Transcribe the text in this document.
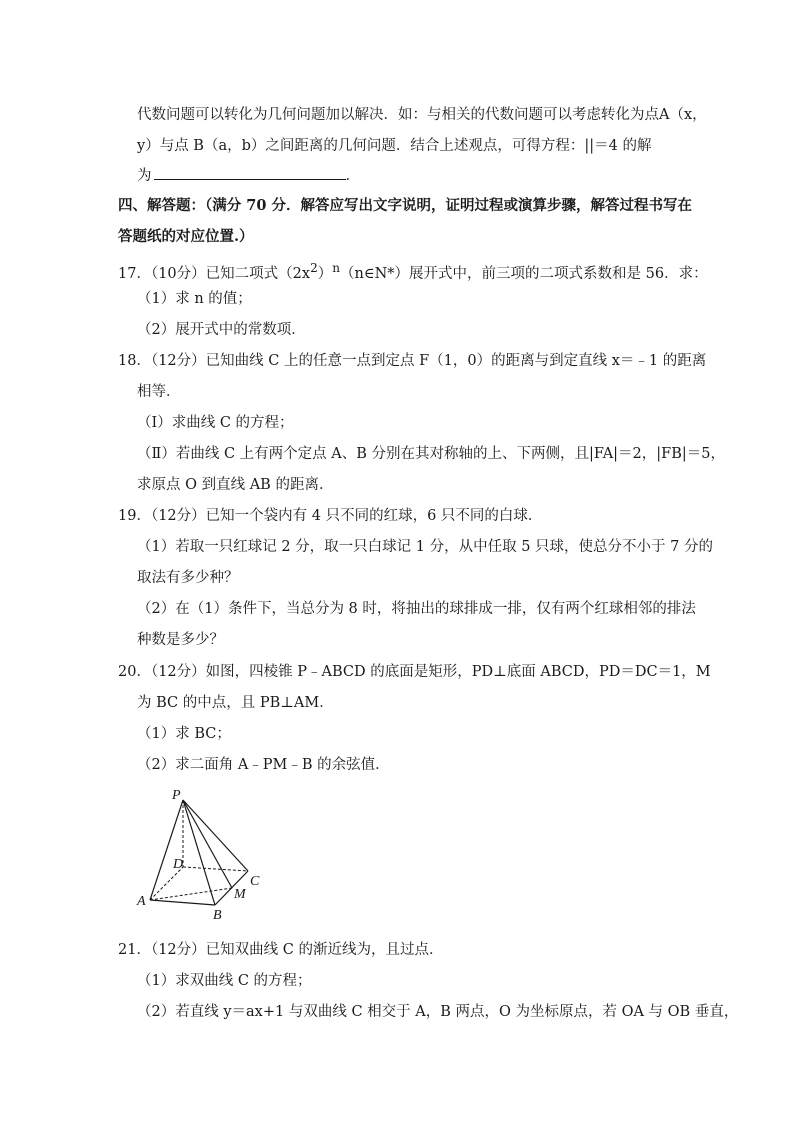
代数问题可以转化为几何问题加以解决．如：与相关的代数问题可以考虑转化为点A（x，
y）与点 B（a，b）之间距离的几何问题．结合上述观点，可得方程：||＝4 的解
为	．
四、解答题：（满分 70 分．解答应写出文字说明，证明过程或演算步骤，解答过程书写在
答题纸的对应位置.）
17．（10分）已知二项式$(2x^2)^n(n\in N*)$展开式中，前三项的二项式系数和是 56．求：
（1）求 n 的值；
（2）展开式中的常数项．
18．（12分）已知曲线 C 上的任意一点到定点 F（1，0）的距离与到定直线 x＝﹣1 的距离
相等．
（Ⅰ）求曲线 C 的方程；
（Ⅱ）若曲线 C 上有两个定点 A、B 分别在其对称轴的上、下两侧，且|FA|＝2，|FB|＝5，
求原点 O 到直线 AB 的距离．
19．（12分）已知一个袋内有 4 只不同的红球，6 只不同的白球．
（1）若取一只红球记 2 分，取一只白球记 1 分，从中任取 5 只球，使总分不小于 7 分的
取法有多少种？
（2）在（1）条件下，当总分为 8 时，将抽出的球排成一排，仅有两个红球相邻的排法
种数是多少？
20．（12分）如图，四棱锥 P﹣ABCD 的底面是矩形，PD⊥底面 ABCD，PD＝DC＝1，M
为 BC 的中点，且 PB⊥AM．
（1）求 BC；
（2）求二面角 A﹣PM﹣B 的余弦值．
P
D
C
M
A
B
21．（12分）已知双曲线 C 的渐近线为，且过点．
（1）求双曲线 C 的方程；
（2）若直线 y＝ax+1 与双曲线 C 相交于 A，B 两点，O 为坐标原点，若 OA 与 OB 垂直，
